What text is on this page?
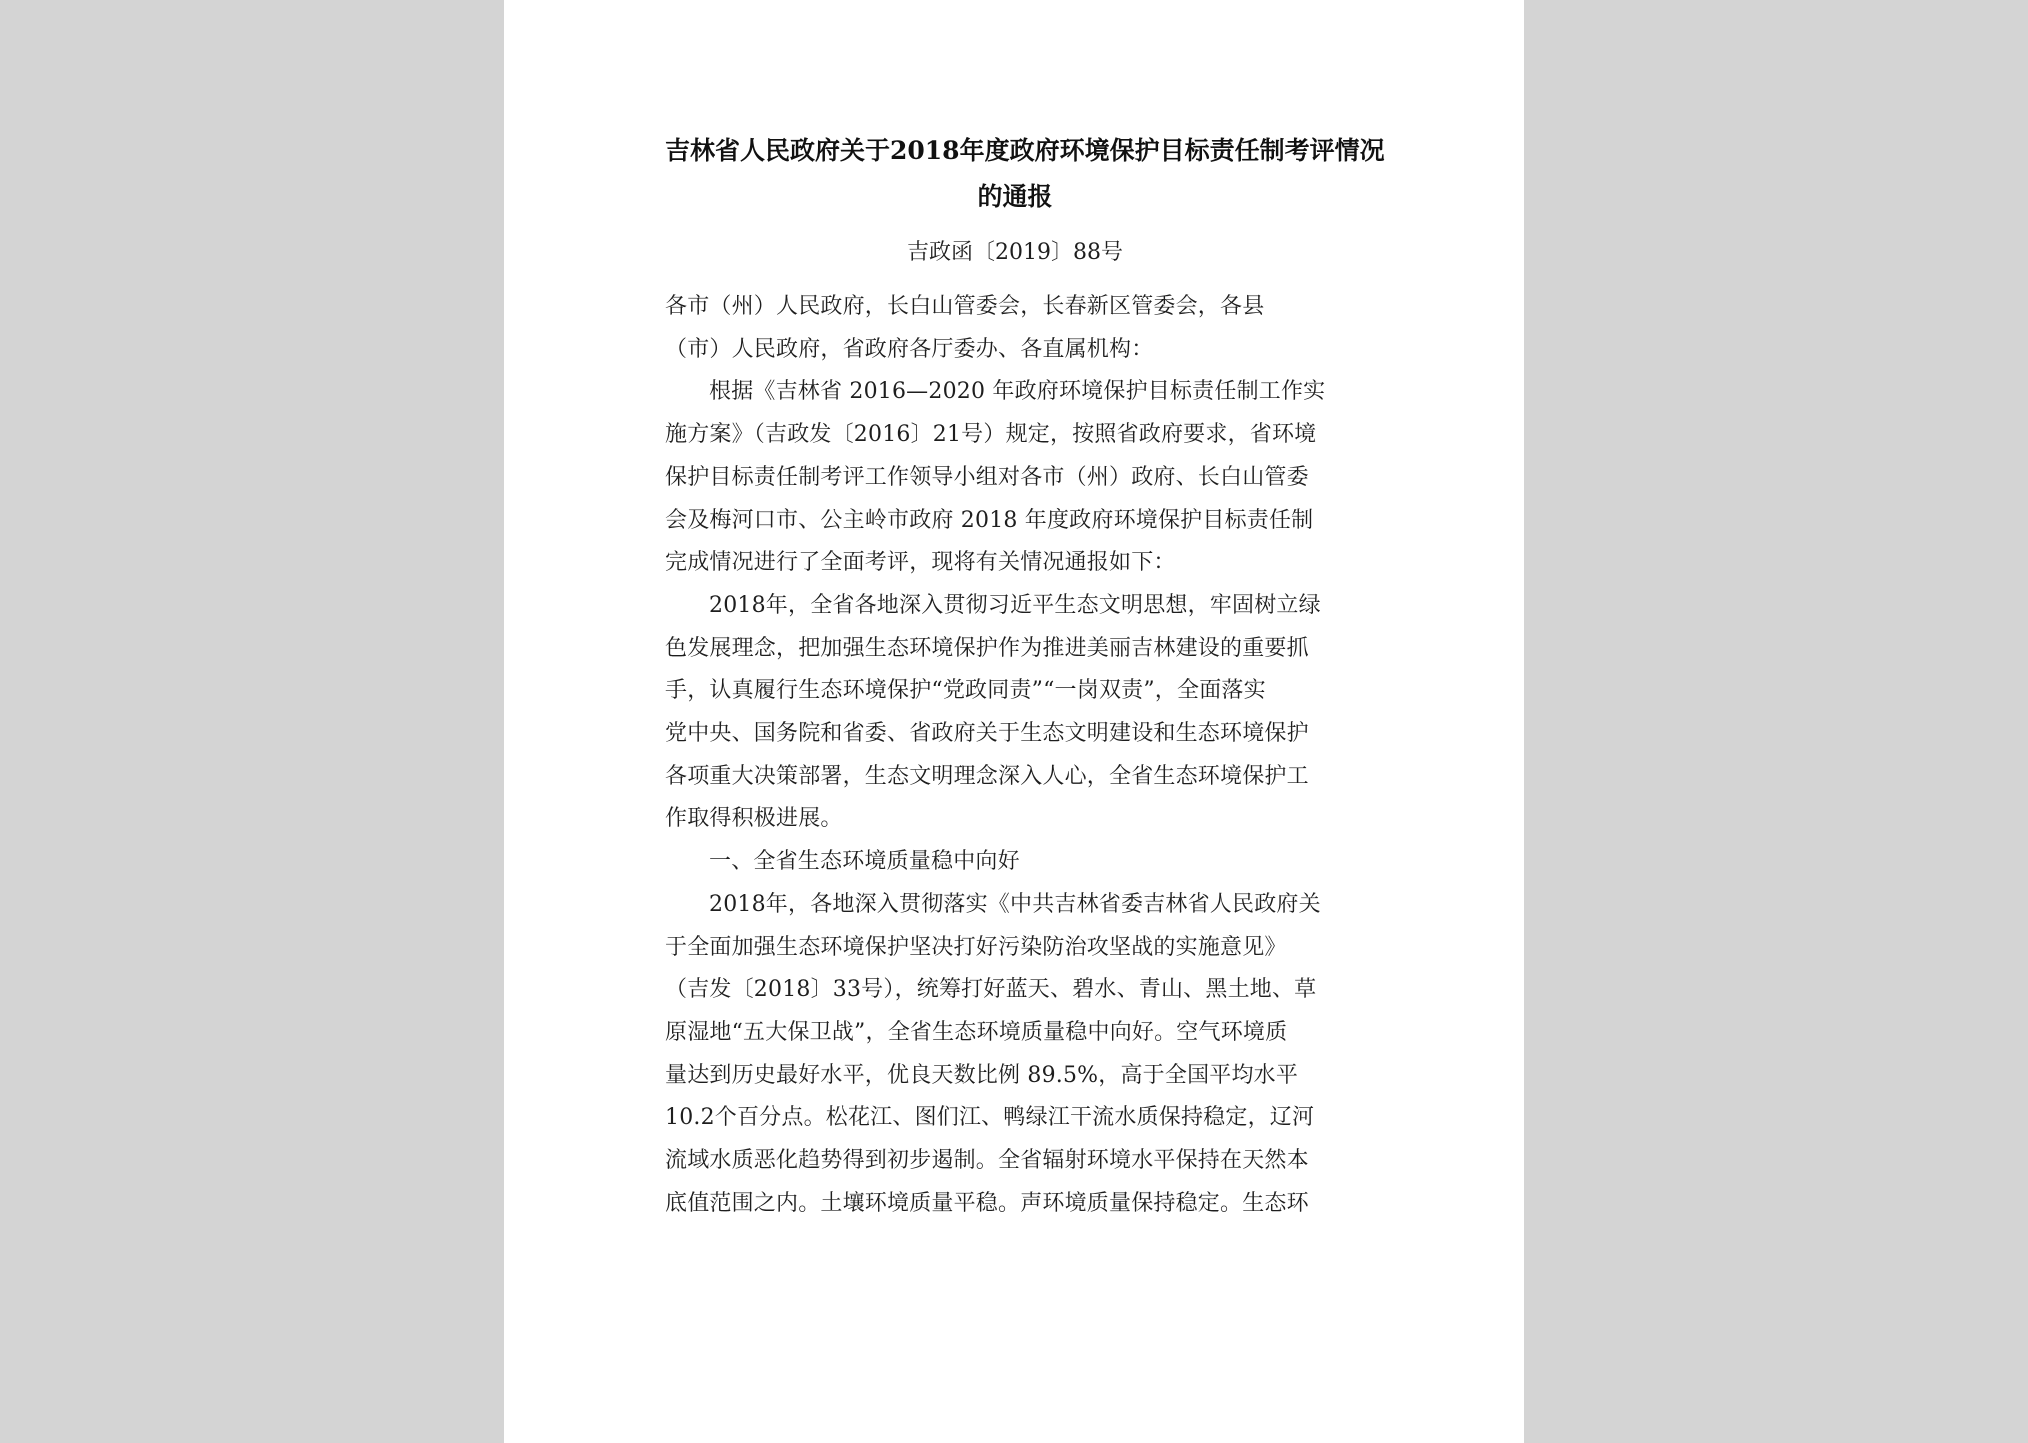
吉林省人民政府关于2018年度政府环境保护目标责任制考评情况
的通报
吉政函〔2019〕88号

各市（州）人民政府，长白山管委会，长春新区管委会，各县
（市）人民政府，省政府各厅委办、各直属机构：

根据《吉林省 2016—2020 年政府环境保护目标责任制工作实
施方案》（吉政发〔2016〕21号）规定，按照省政府要求，省环境
保护目标责任制考评工作领导小组对各市（州）政府、长白山管委
会及梅河口市、公主岭市政府 2018 年度政府环境保护目标责任制
完成情况进行了全面考评，现将有关情况通报如下：

2018年，全省各地深入贯彻习近平生态文明思想，牢固树立绿
色发展理念，把加强生态环境保护作为推进美丽吉林建设的重要抓
手，认真履行生态环境保护“党政同责”“一岗双责”，全面落实
党中央、国务院和省委、省政府关于生态文明建设和生态环境保护
各项重大决策部署，生态文明理念深入人心，全省生态环境保护工
作取得积极进展。

一、全省生态环境质量稳中向好

2018年，各地深入贯彻落实《中共吉林省委吉林省人民政府关
于全面加强生态环境保护坚决打好污染防治攻坚战的实施意见》
（吉发〔2018〕33号），统筹打好蓝天、碧水、青山、黑土地、草
原湿地“五大保卫战”，全省生态环境质量稳中向好。空气环境质
量达到历史最好水平，优良天数比例 89.5%，高于全国平均水平
10.2个百分点。松花江、图们江、鸭绿江干流水质保持稳定，辽河
流域水质恶化趋势得到初步遏制。全省辐射环境水平保持在天然本
底值范围之内。土壤环境质量平稳。声环境质量保持稳定。生态环
